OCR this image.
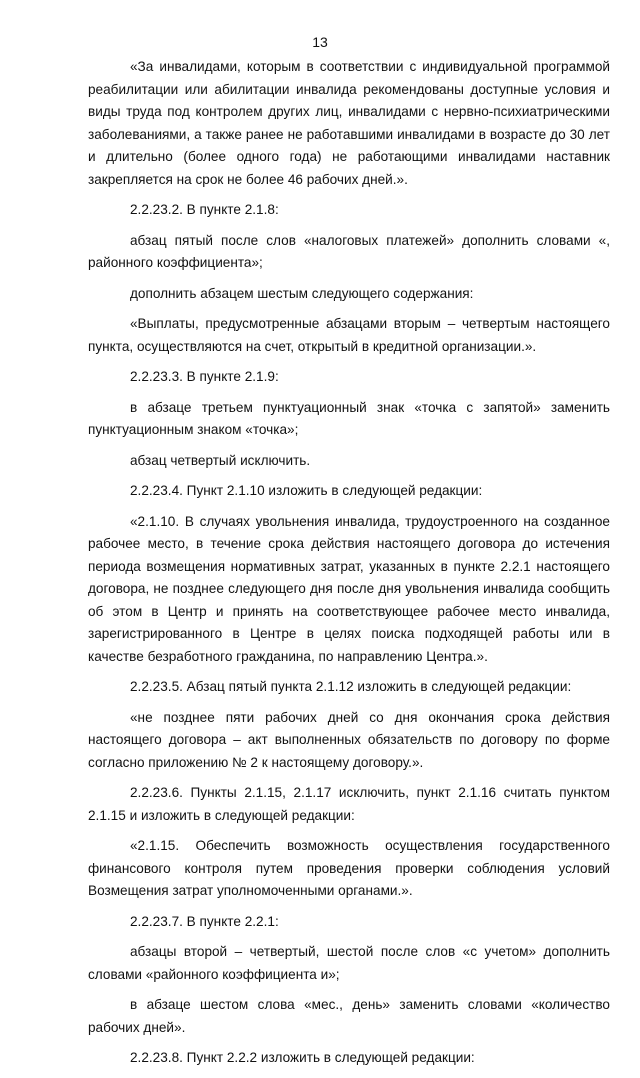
13

«За инвалидами, которым в соответствии с индивидуальной программой реабилитации или абилитации инвалида рекомендованы доступные условия и виды труда под контролем других лиц, инвалидами с нервно-психиатрическими заболеваниями, а также ранее не работавшими инвалидами в возрасте до 30 лет и длительно (более одного года) не работающими инвалидами наставник закрепляется на срок не более 46 рабочих дней.».

2.2.23.2. В пункте 2.1.8:

абзац пятый после слов «налоговых платежей» дополнить словами «, районного коэффициента»;

дополнить абзацем шестым следующего содержания:

«Выплаты, предусмотренные абзацами вторым – четвертым настоящего пункта, осуществляются на счет, открытый в кредитной организации.».

2.2.23.3. В пункте 2.1.9:

в абзаце третьем пунктуационный знак «точка с запятой» заменить пунктуационным знаком «точка»;

абзац четвертый исключить.

2.2.23.4. Пункт 2.1.10 изложить в следующей редакции:

«2.1.10. В случаях увольнения инвалида, трудоустроенного на созданное рабочее место, в течение срока действия настоящего договора до истечения периода возмещения нормативных затрат, указанных в пункте 2.2.1 настоящего договора, не позднее следующего дня после дня увольнения инвалида сообщить об этом в Центр и принять на соответствующее рабочее место инвалида, зарегистрированного в Центре в целях поиска подходящей работы или в качестве безработного гражданина, по направлению Центра.».

2.2.23.5. Абзац пятый пункта 2.1.12 изложить в следующей редакции:

«не позднее пяти рабочих дней со дня окончания срока действия настоящего договора – акт выполненных обязательств по договору по форме согласно приложению № 2 к настоящему договору.».

2.2.23.6. Пункты 2.1.15, 2.1.17 исключить, пункт 2.1.16 считать пунктом 2.1.15 и изложить в следующей редакции:

«2.1.15. Обеспечить возможность осуществления государственного финансового контроля путем проведения проверки соблюдения условий Возмещения затрат уполномоченными органами.».

2.2.23.7. В пункте 2.2.1:

абзацы второй – четвертый, шестой после слов «с учетом» дополнить словами «районного коэффициента и»;

в абзаце шестом слова «мес., день» заменить словами «количество рабочих дней».

2.2.23.8. Пункт 2.2.2 изложить в следующей редакции:
